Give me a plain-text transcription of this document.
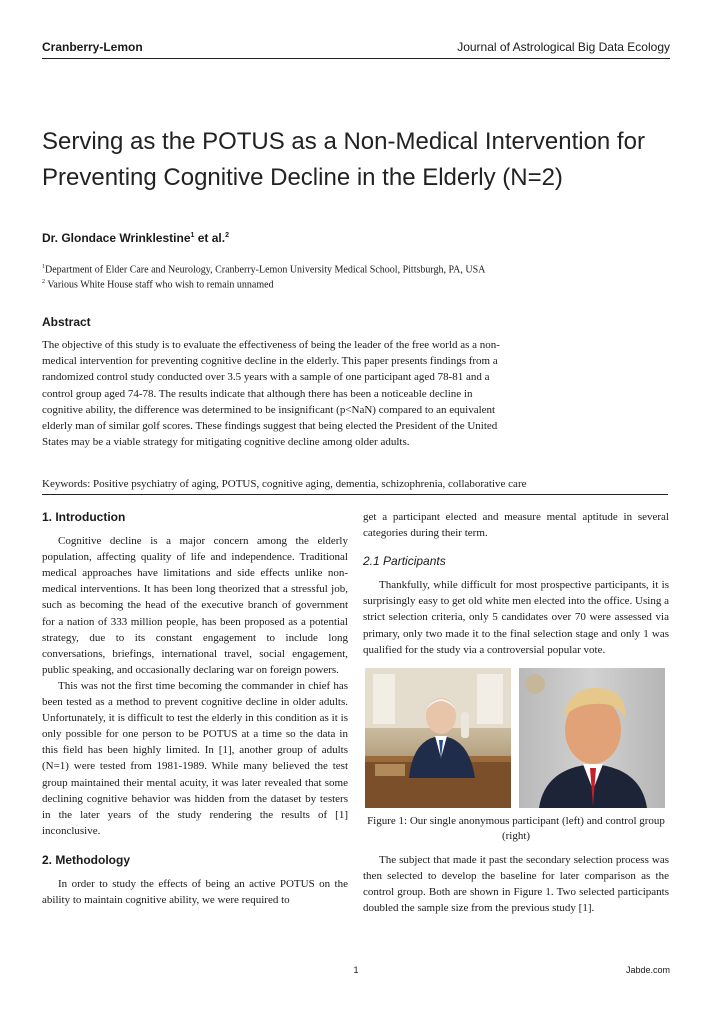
Cranberry-Lemon	Journal of Astrological Big Data Ecology
Serving as the POTUS as a Non-Medical Intervention for Preventing Cognitive Decline in the Elderly (N=2)
Dr. Glondace Wrinklestine$^1$ et al.$^2$
$^1$Department of Elder Care and Neurology, Cranberry-Lemon University Medical School, Pittsburgh, PA, USA
$^2$ Various White House staff who wish to remain unnamed
Abstract
The objective of this study is to evaluate the effectiveness of being the leader of the free world as a non-medical intervention for preventing cognitive decline in the elderly. This paper presents findings from a randomized control study conducted over 3.5 years with a sample of one participant aged 78-81 and a control group aged 74-78. The results indicate that although there has been a noticeable decline in cognitive ability, the difference was determined to be insignificant (p<NaN) compared to an equivalent elderly man of similar golf scores. These findings suggest that being elected the President of the United States may be a viable strategy for mitigating cognitive decline among older adults.
Keywords: Positive psychiatry of aging, POTUS, cognitive aging, dementia, schizophrenia, collaborative care
1. Introduction

Cognitive decline is a major concern among the elderly population, affecting quality of life and independence. Traditional medical approaches have limitations and side effects unlike non-medical interventions. It has been long theorized that a stressful job, such as becoming the head of the executive branch of government for a nation of 333 million people, has been proposed as a potential strategy, due to its constant engagement to include long conversations, briefings, international travel, social engagement, public speaking, and occasionally declaring war on foreign powers.

This was not the first time becoming the commander in chief has been tested as a method to prevent cognitive decline in older adults. Unfortunately, it is difficult to test the elderly in this condition as it is only possible for one person to be POTUS at a time so the data in this field has been highly limited. In [1], another group of adults (N=1) were tested from 1981-1989. While many believed the test group maintained their mental acuity, it was later revealed that some declining cognitive behavior was hidden from the dataset by testers in the later years of the study rendering the results of [1] inconclusive.

2. Methodology

In order to study the effects of being an active POTUS on the ability to maintain cognitive ability, we were required to

get a participant elected and measure mental aptitude in several categories during their term.

2.1 Participants

Thankfully, while difficult for most prospective participants, it is surprisingly easy to get old white men elected into the office. Using a strict selection criteria, only 5 candidates over 70 were assessed via primary, only two made it to the final selection stage and only 1 was qualified for the study via a controversial popular vote.

Figure 1: Our single anonymous participant (left) and control group (right)

The subject that made it past the secondary selection process was then selected to develop the baseline for later comparison as the control group. Both are shown in Figure 1. Two selected participants doubled the sample size from the previous study [1].

1	Jabde.com
